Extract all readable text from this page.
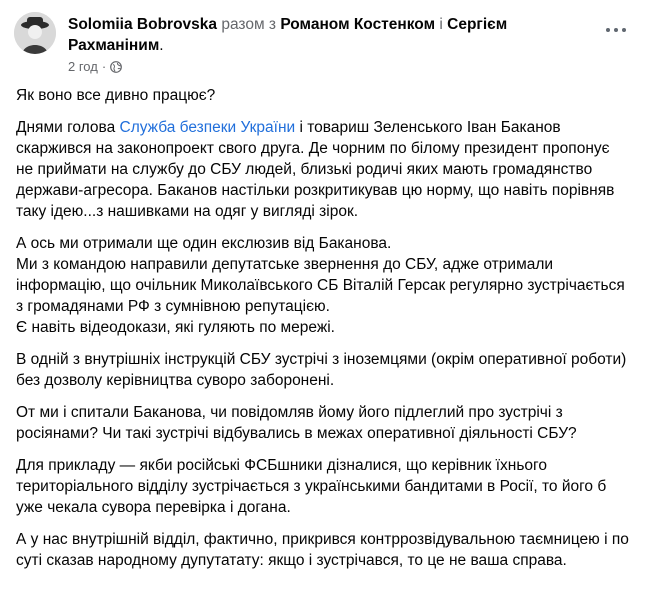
Solomiia Bobrovska разом з Романом Костенком і Сергієм Рахманіним.
2 год ·

Як воно все дивно працює?

Днями голова Служба безпеки України і товариш Зеленського Іван Баканов скаржився на законопроект свого друга. Де чорним по білому президент пропонує не приймати на службу до СБУ людей, близькі родичі яких мають громадянство держави-агресора. Баканов настільки розкритикував цю норму, що навіть порівняв таку ідею...з нашивками на одяг у вигляді зірок.

А ось ми отримали ще один екслюзив від Баканова.
Ми з командою направили депутатське звернення до СБУ, адже отримали інформацію, що очільник Миколаївського СБ Віталій Герсак регулярно зустрічається з громадянами РФ з сумнівною репутацією.
Є навіть відеодокази, які гуляють по мережі.

В одній з внутрішніх інструкцій СБУ зустрічі з іноземцями (окрім оперативної роботи) без дозволу керівництва суворо заборонені.

От ми і спитали Баканова, чи повідомляв йому його підлеглий про зустрічі з росіянами? Чи такі зустрічі відбувались в межах оперативної діяльності СБУ?

Для прикладу — якби російські ФСБшники дізналися, що керівник їхнього територіального відділу зустрічається з українськими бандитами в Росії, то його б уже чекала сувора перевірка і догана.

А у нас внутрішній відділ, фактично, прикрився контррозвідувальною таємницею і по суті сказав народному дупутатату: якщо і зустрічався, то це не ваша справа.
